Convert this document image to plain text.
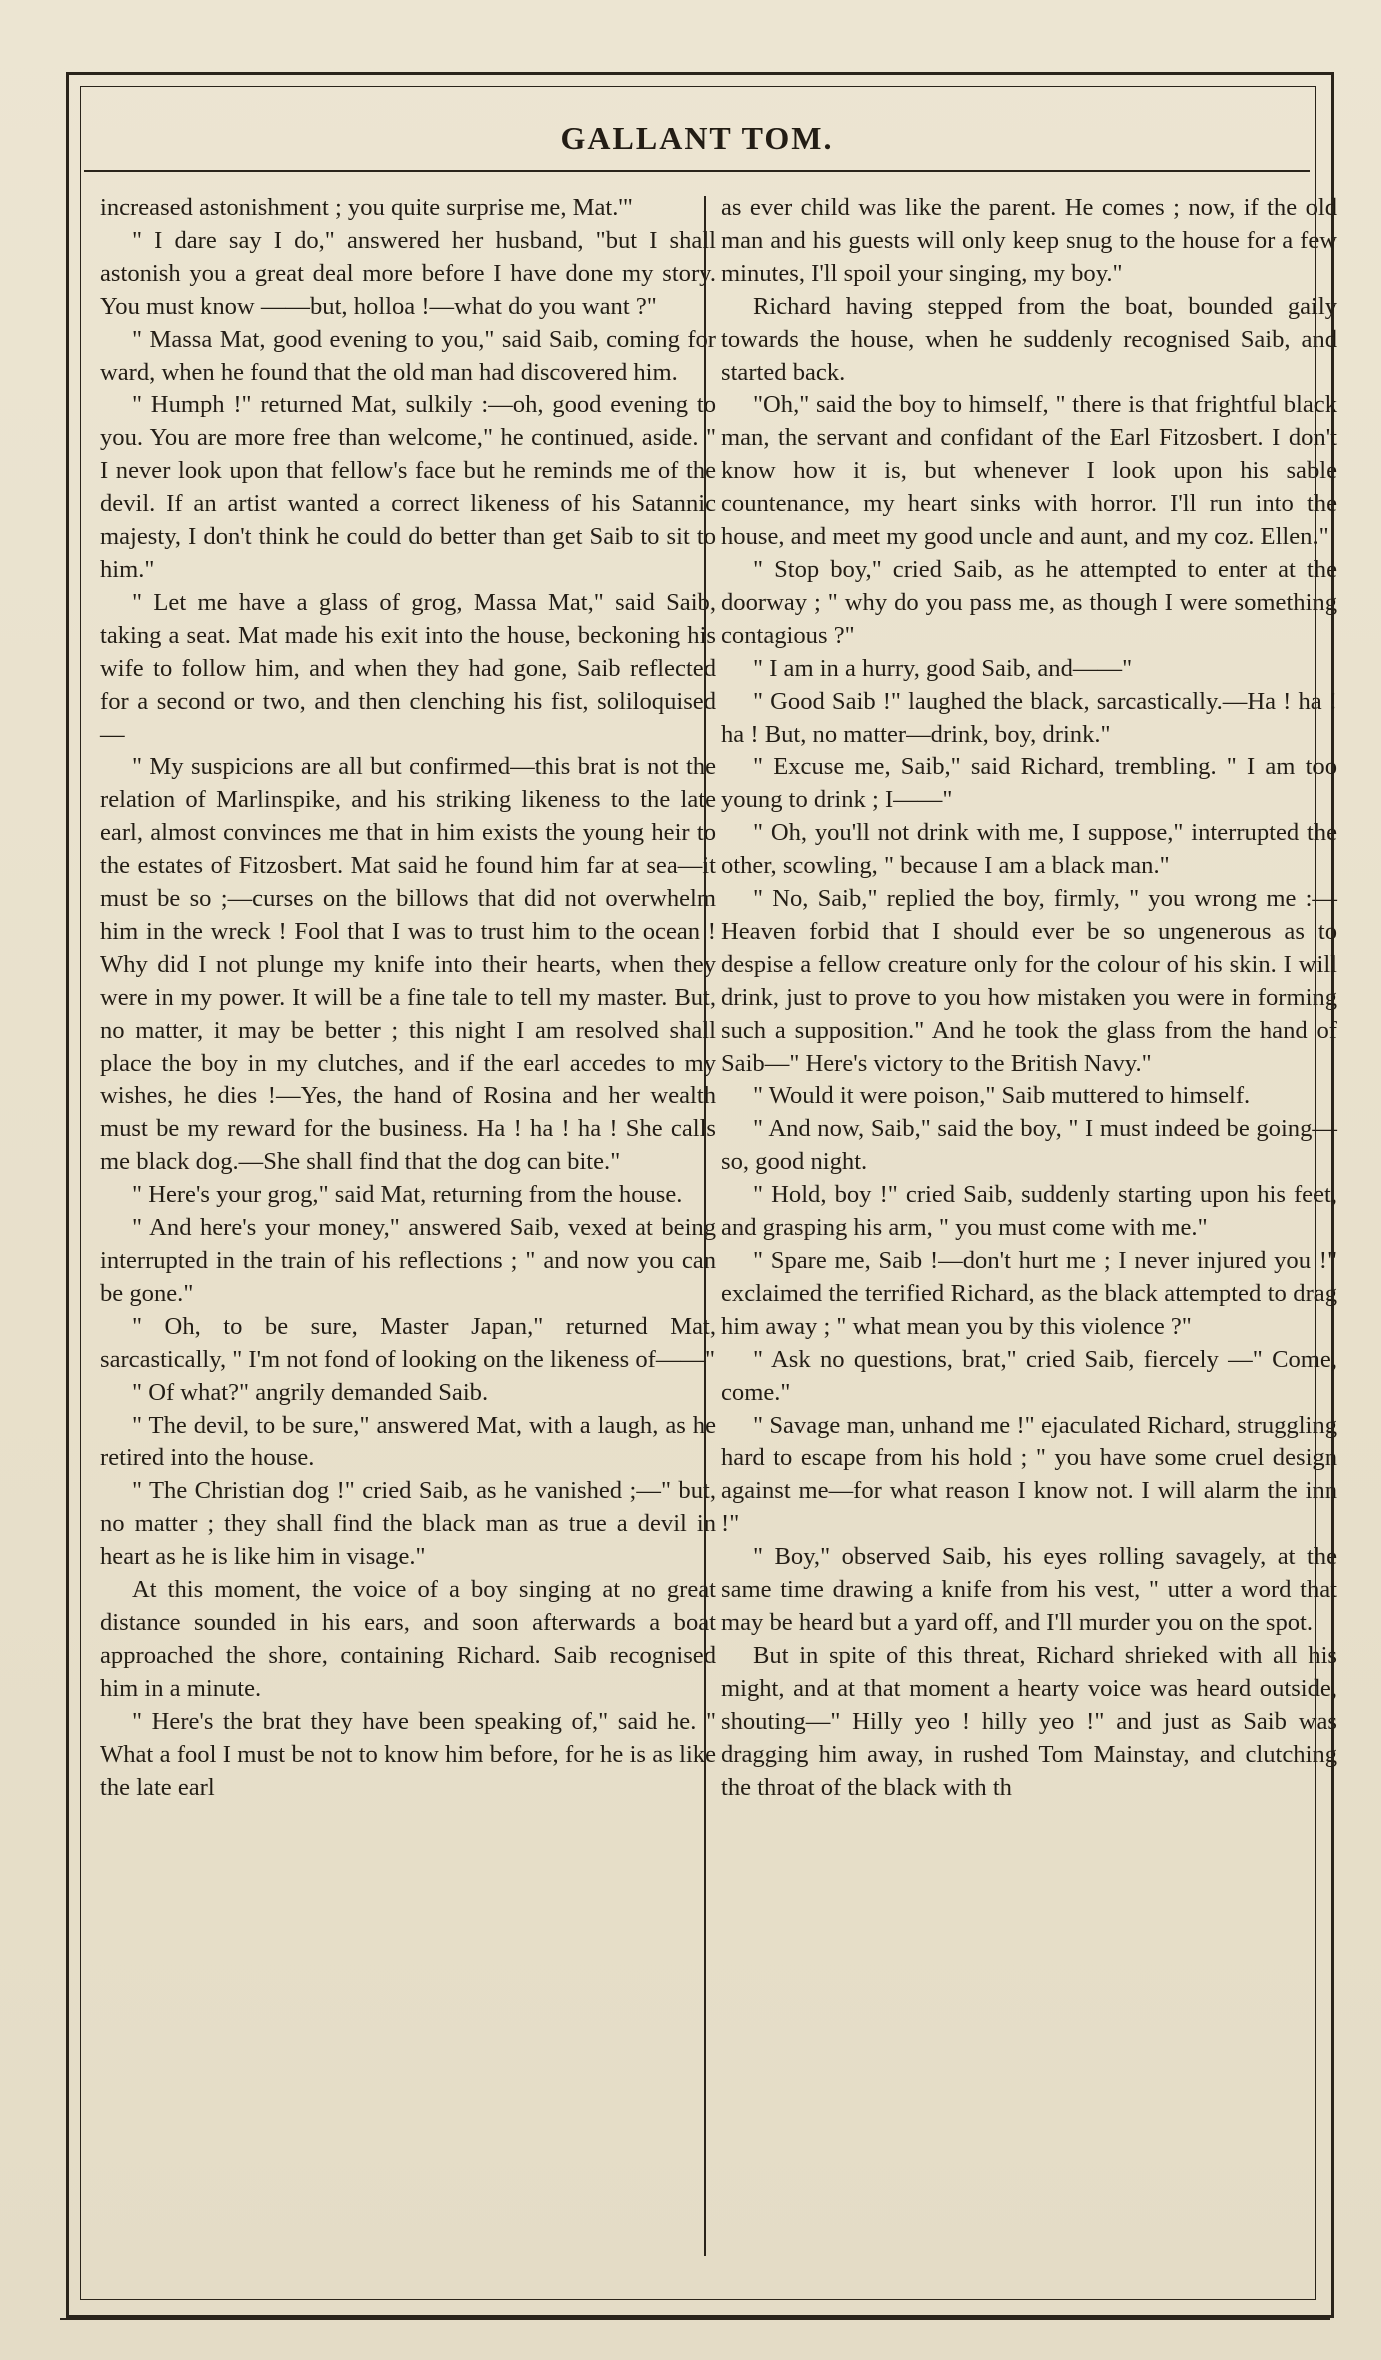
GALLANT TOM.

increased astonishment ; you quite surprise me, Mat.'"

" I dare say I do," answered her husband, "but I shall astonish you a great deal more before I have done my story. You must know ——but, holloa !—what do you want ?"

" Massa Mat, good evening to you," said Saib, coming for ward, when he found that the old man had discovered him.

" Humph !" returned Mat, sulkily :—oh, good evening to you. You are more free than welcome," he continued, aside. " I never look upon that fellow's face but he reminds me of the devil. If an artist wanted a correct likeness of his Satannic majesty, I don't think he could do better than get Saib to sit to him."

" Let me have a glass of grog, Massa Mat," said Saib, taking a seat. Mat made his exit into the house, beckoning his wife to follow him, and when they had gone, Saib reflected for a second or two, and then clenching his fist, soliloquised—

" My suspicions are all but confirmed—this brat is not the relation of Marlinspike, and his striking likeness to the late earl, almost convinces me that in him exists the young heir to the estates of Fitzosbert. Mat said he found him far at sea—it must be so ;—curses on the billows that did not overwhelm him in the wreck ! Fool that I was to trust him to the ocean ! Why did I not plunge my knife into their hearts, when they were in my power. It will be a fine tale to tell my master. But, no matter, it may be better ; this night I am resolved shall place the boy in my clutches, and if the earl accedes to my wishes, he dies !—Yes, the hand of Rosina and her wealth must be my reward for the business. Ha ! ha ! ha ! She calls me black dog.—She shall find that the dog can bite."

" Here's your grog," said Mat, returning from the house.

" And here's your money," answered Saib, vexed at being interrupted in the train of his reflections ; " and now you can be gone."

" Oh, to be sure, Master Japan," returned Mat, sarcastically, " I'm not fond of looking on the likeness of——"

" Of what?" angrily demanded Saib.

" The devil, to be sure," answered Mat, with a laugh, as he retired into the house.

" The Christian dog !" cried Saib, as he vanished ;—" but, no matter ; they shall find the black man as true a devil in heart as he is like him in visage."

At this moment, the voice of a boy singing at no great distance sounded in his ears, and soon afterwards a boat approached the shore, containing Richard. Saib recognised him in a minute.

" Here's the brat they have been speaking of," said he. " What a fool I must be not to know him before, for he is as like the late earl

as ever child was like the parent. He comes ; now, if the old man and his guests will only keep snug to the house for a few minutes, I'll spoil your singing, my boy."

Richard having stepped from the boat, bounded gaily towards the house, when he suddenly recognised Saib, and started back.

"Oh," said the boy to himself, " there is that frightful black man, the servant and confidant of the Earl Fitzosbert. I don't know how it is, but whenever I look upon his sable countenance, my heart sinks with horror. I'll run into the house, and meet my good uncle and aunt, and my coz. Ellen."

" Stop boy," cried Saib, as he attempted to enter at the doorway ; " why do you pass me, as though I were something contagious ?"

" I am in a hurry, good Saib, and——"

" Good Saib !" laughed the black, sarcastically.—Ha ! ha ! ha ! But, no matter—drink, boy, drink."

" Excuse me, Saib," said Richard, trembling. " I am too young to drink ; I——"

" Oh, you'll not drink with me, I suppose," interrupted the other, scowling, " because I am a black man."

" No, Saib," replied the boy, firmly, " you wrong me :—Heaven forbid that I should ever be so ungenerous as to despise a fellow creature only for the colour of his skin. I will drink, just to prove to you how mistaken you were in forming such a supposition." And he took the glass from the hand of Saib—" Here's victory to the British Navy."

" Would it were poison," Saib muttered to himself.

" And now, Saib," said the boy, " I must indeed be going—so, good night.

" Hold, boy !" cried Saib, suddenly starting upon his feet, and grasping his arm, " you must come with me."

" Spare me, Saib !—don't hurt me ; I never injured you !" exclaimed the terrified Richard, as the black attempted to drag him away ; " what mean you by this violence ?"

" Ask no questions, brat," cried Saib, fiercely —" Come, come."

" Savage man, unhand me !" ejaculated Richard, struggling hard to escape from his hold ; " you have some cruel design against me—for what reason I know not. I will alarm the inn !"

" Boy," observed Saib, his eyes rolling savagely, at the same time drawing a knife from his vest, " utter a word that may be heard but a yard off, and I'll murder you on the spot.

But in spite of this threat, Richard shrieked with all his might, and at that moment a hearty voice was heard outside, shouting—" Hilly yeo ! hilly yeo !" and just as Saib was dragging him away, in rushed Tom Mainstay, and clutching the throat of the black with th
